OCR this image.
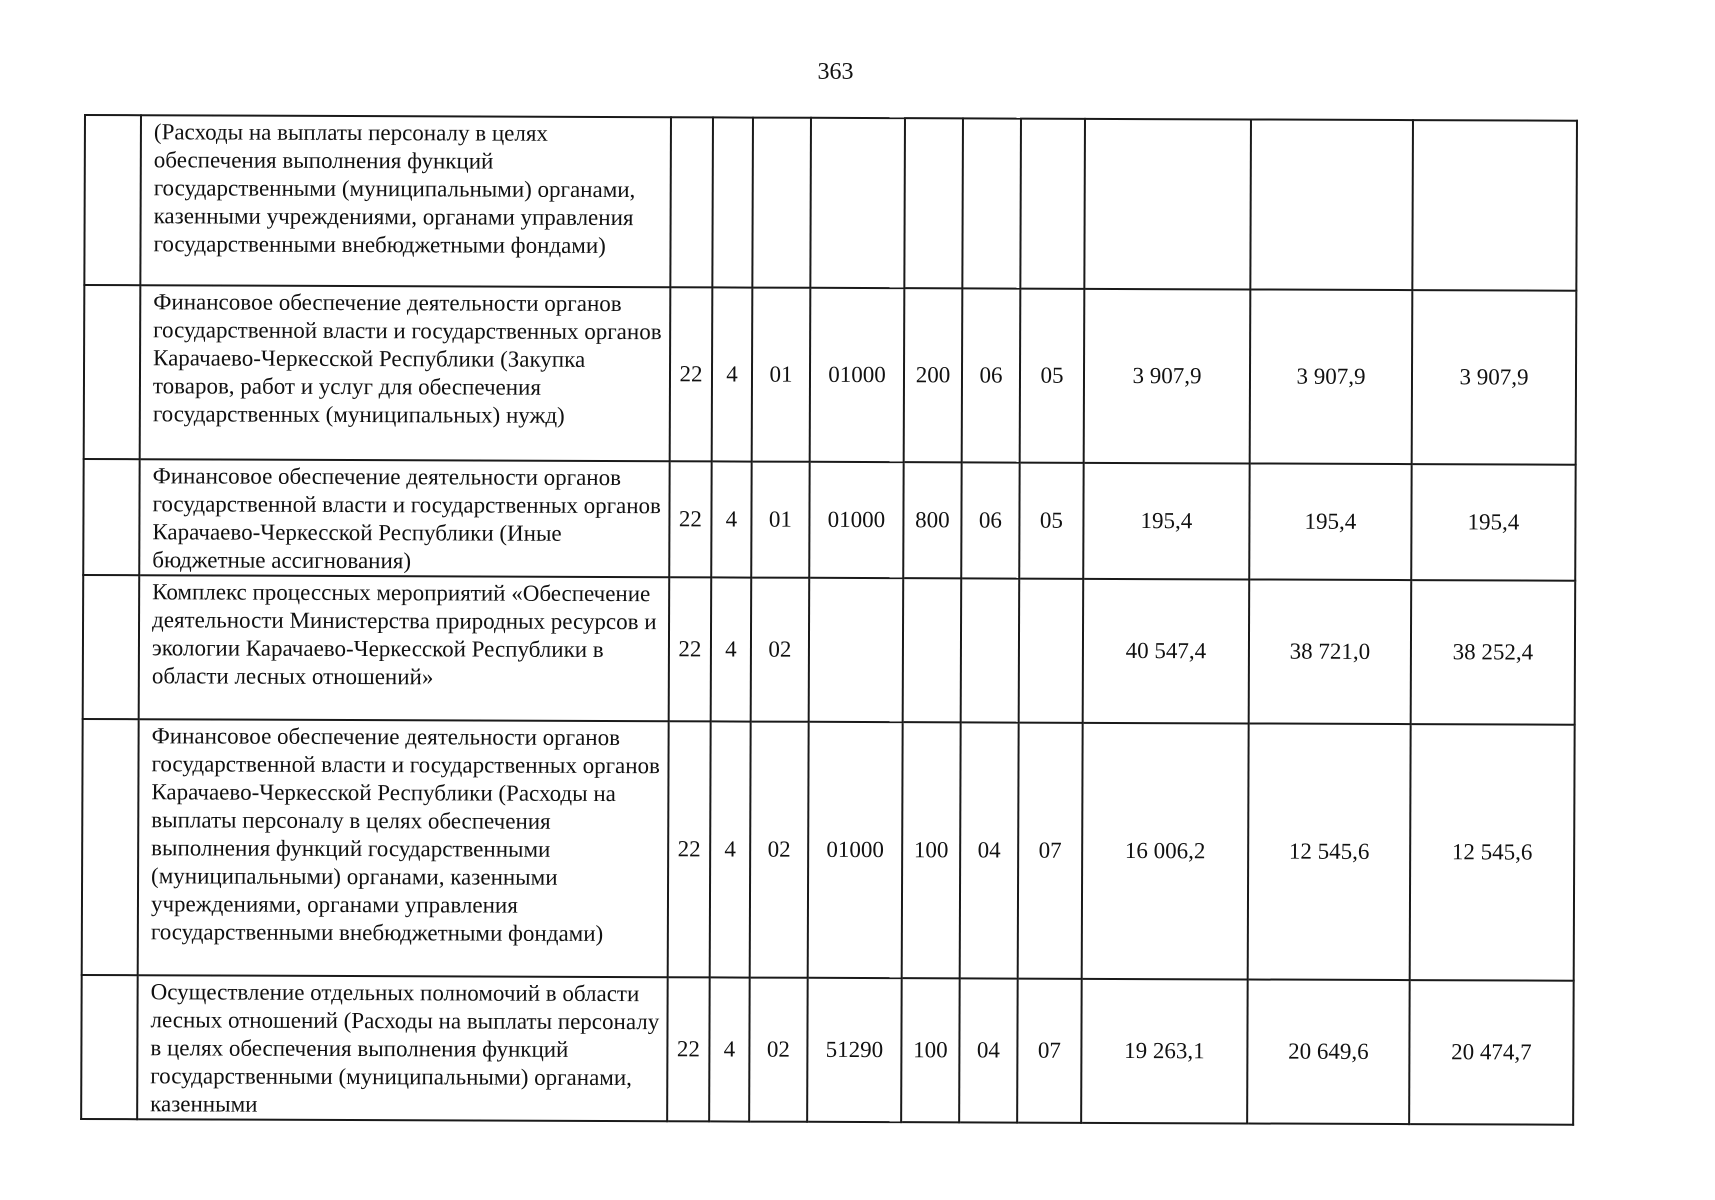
363
	(Расходы на выплаты персоналу в целях обеспечения выполнения функций государственными (муниципальными) органами, казенными учреждениями, органами управления государственными внебюджетными фондами)										
	Финансовое обеспечение деятельности органов государственной власти и государственных органов Карачаево-Черкесской Республики (Закупка товаров, работ и услуг для обеспечения государственных (муниципальных) нужд)	22	4	01	01000	200	06	05	3 907,9	3 907,9	3 907,9
	Финансовое обеспечение деятельности органов государственной власти и государственных органов Карачаево-Черкесской Республики (Иные бюджетные ассигнования)	22	4	01	01000	800	06	05	195,4	195,4	195,4
	Комплекс процессных мероприятий «Обеспечение деятельности Министерства природных ресурсов и экологии Карачаево-Черкесской Республики в области лесных отношений»	22	4	02					40 547,4	38 721,0	38 252,4
	Финансовое обеспечение деятельности органов государственной власти и государственных органов Карачаево-Черкесской Республики (Расходы на выплаты персоналу в целях обеспечения выполнения функций государственными (муниципальными) органами, казенными учреждениями, органами управления государственными внебюджетными фондами)	22	4	02	01000	100	04	07	16 006,2	12 545,6	12 545,6
	Осуществление отдельных полномочий в области лесных отношений (Расходы на выплаты персоналу в целях обеспечения выполнения функций государственными (муниципальными) органами, казенными	22	4	02	51290	100	04	07	19 263,1	20 649,6	20 474,7
